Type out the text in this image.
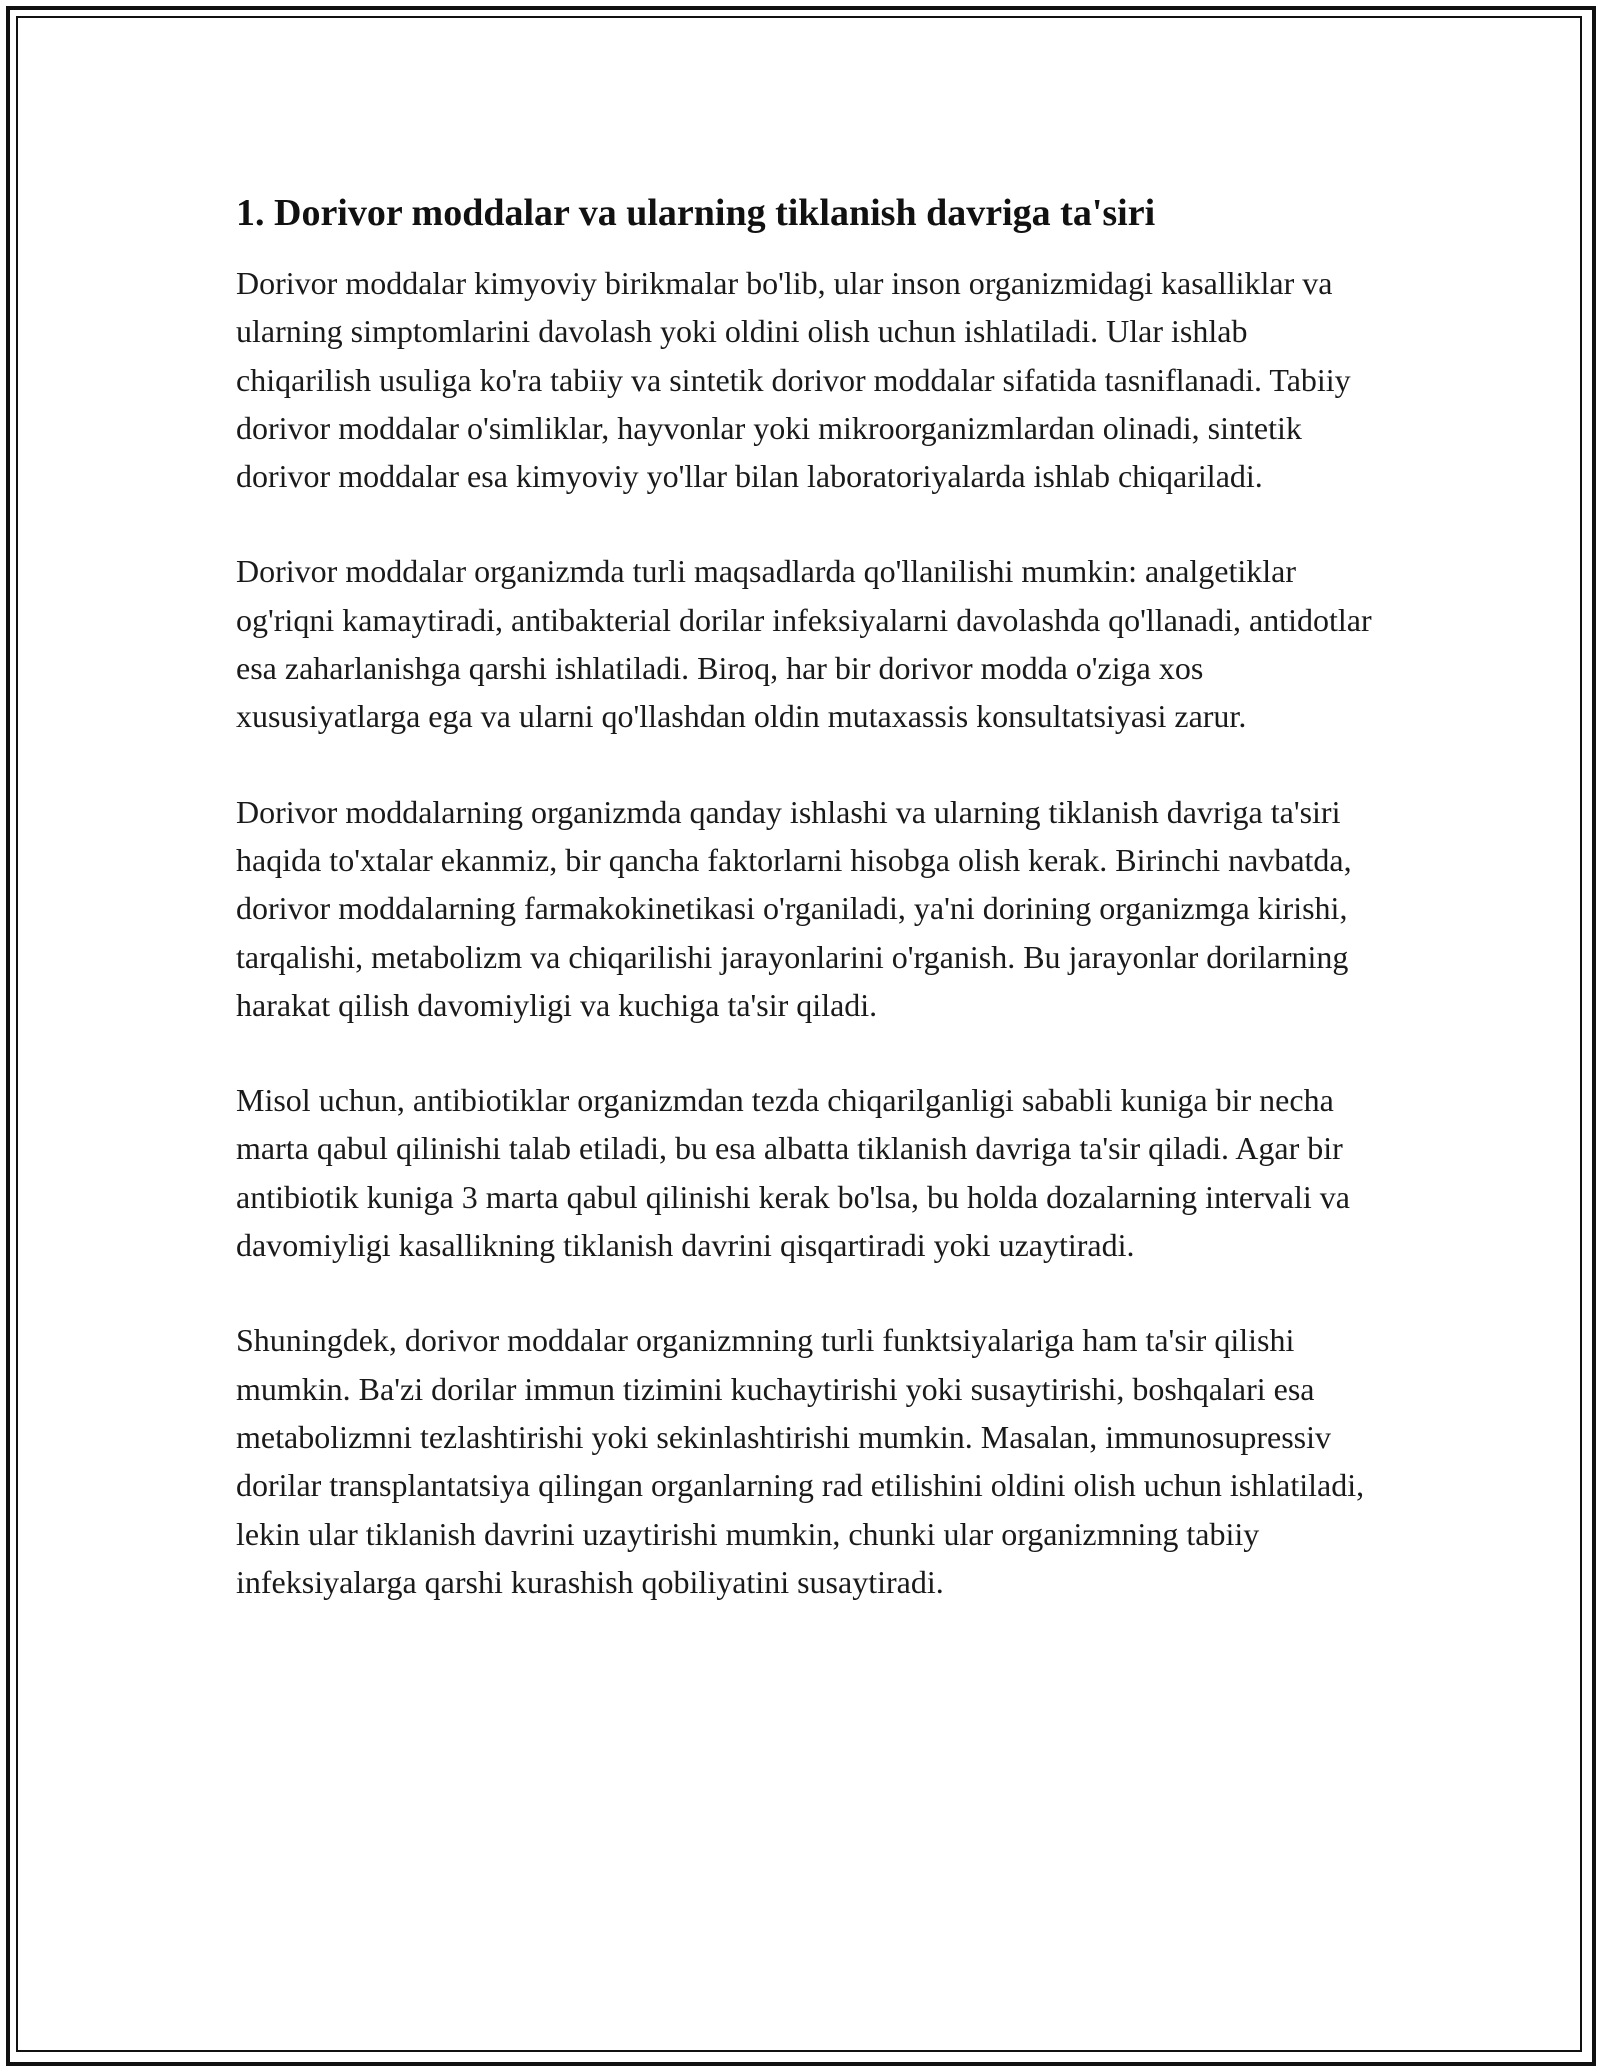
1. Dorivor moddalar va ularning tiklanish davriga ta'siri

Dorivor moddalar kimyoviy birikmalar bo'lib, ular inson organizmidagi kasalliklar va ularning simptomlarini davolash yoki oldini olish uchun ishlatiladi. Ular ishlab chiqarilish usuliga ko'ra tabiiy va sintetik dorivor moddalar sifatida tasniflanadi. Tabiiy dorivor moddalar o'simliklar, hayvonlar yoki mikroorganizmlardan olinadi, sintetik dorivor moddalar esa kimyoviy yo'llar bilan laboratoriyalarda ishlab chiqariladi.

Dorivor moddalar organizmda turli maqsadlarda qo'llanilishi mumkin: analgetiklar og'riqni kamaytiradi, antibakterial dorilar infeksiyalarni davolashda qo'llanadi, antidotlar esa zaharlanishga qarshi ishlatiladi. Biroq, har bir dorivor modda o'ziga xos xususiyatlarga ega va ularni qo'llashdan oldin mutaxassis konsultatsiyasi zarur.

Dorivor moddalarning organizmda qanday ishlashi va ularning tiklanish davriga ta'siri haqida to'xtalar ekanmiz, bir qancha faktorlarni hisobga olish kerak. Birinchi navbatda, dorivor moddalarning farmakokinetikasi o'rganiladi, ya'ni dorining organizmga kirishi, tarqalishi, metabolizm va chiqarilishi jarayonlarini o'rganish. Bu jarayonlar dorilarning harakat qilish davomiyligi va kuchiga ta'sir qiladi.

Misol uchun, antibiotiklar organizmdan tezda chiqarilganligi sababli kuniga bir necha marta qabul qilinishi talab etiladi, bu esa albatta tiklanish davriga ta'sir qiladi. Agar bir antibiotik kuniga 3 marta qabul qilinishi kerak bo'lsa, bu holda dozalarning intervali va davomiyligi kasallikning tiklanish davrini qisqartiradi yoki uzaytiradi.

Shuningdek, dorivor moddalar organizmning turli funktsiyalariga ham ta'sir qilishi mumkin. Ba'zi dorilar immun tizimini kuchaytirishi yoki susaytirishi, boshqalari esa metabolizmni tezlashtirishi yoki sekinlashtirishi mumkin. Masalan, immunosupressiv dorilar transplantatsiya qilingan organlarning rad etilishini oldini olish uchun ishlatiladi, lekin ular tiklanish davrini uzaytirishi mumkin, chunki ular organizmning tabiiy infeksiyalarga qarshi kurashish qobiliyatini susaytiradi.
